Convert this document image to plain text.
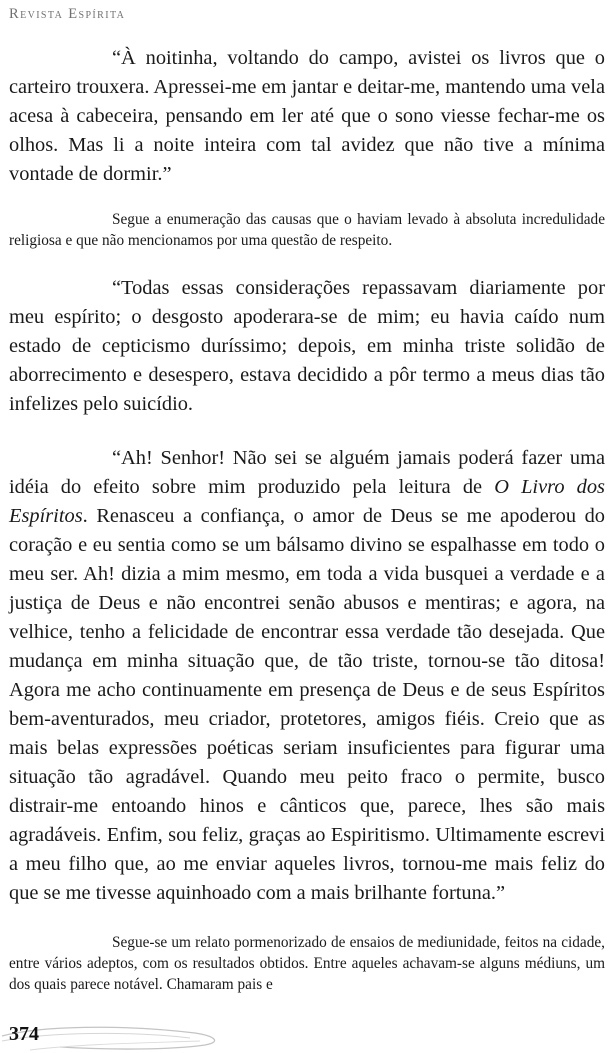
Revista Espírita

“À noitinha, voltando do campo, avistei os livros que o carteiro trouxera. Apressei-me em jantar e deitar-me, mantendo uma vela acesa à cabeceira, pensando em ler até que o sono viesse fechar-me os olhos. Mas li a noite inteira com tal avidez que não tive a mínima vontade de dormir.”

Segue a enumeração das causas que o haviam levado à absoluta incredulidade religiosa e que não mencionamos por uma questão de respeito.

“Todas essas considerações repassavam diariamente por meu espírito; o desgosto apoderara-se de mim; eu havia caído num estado de cepticismo duríssimo; depois, em minha triste solidão de aborrecimento e desespero, estava decidido a pôr termo a meus dias tão infelizes pelo suicídio.

“Ah! Senhor! Não sei se alguém jamais poderá fazer uma idéia do efeito sobre mim produzido pela leitura de O Livro dos Espíritos. Renasceu a confiança, o amor de Deus se me apoderou do coração e eu sentia como se um bálsamo divino se espalhasse em todo o meu ser. Ah! dizia a mim mesmo, em toda a vida busquei a verdade e a justiça de Deus e não encontrei senão abusos e mentiras; e agora, na velhice, tenho a felicidade de encontrar essa verdade tão desejada. Que mudança em minha situação que, de tão triste, tornou-se tão ditosa! Agora me acho continuamente em presença de Deus e de seus Espíritos bem-aventurados, meu criador, protetores, amigos fiéis. Creio que as mais belas expressões poéticas seriam insuficientes para figurar uma situação tão agradável. Quando meu peito fraco o permite, busco distrair-me entoando hinos e cânticos que, parece, lhes são mais agradáveis. Enfim, sou feliz, graças ao Espiritismo. Ultimamente escrevi a meu filho que, ao me enviar aqueles livros, tornou-me mais feliz do que se me tivesse aquinhoado com a mais brilhante fortuna.”

Segue-se um relato pormenorizado de ensaios de mediunidade, feitos na cidade, entre vários adeptos, com os resultados obtidos. Entre aqueles achavam-se alguns médiuns, um dos quais parece notável. Chamaram pais e

374
